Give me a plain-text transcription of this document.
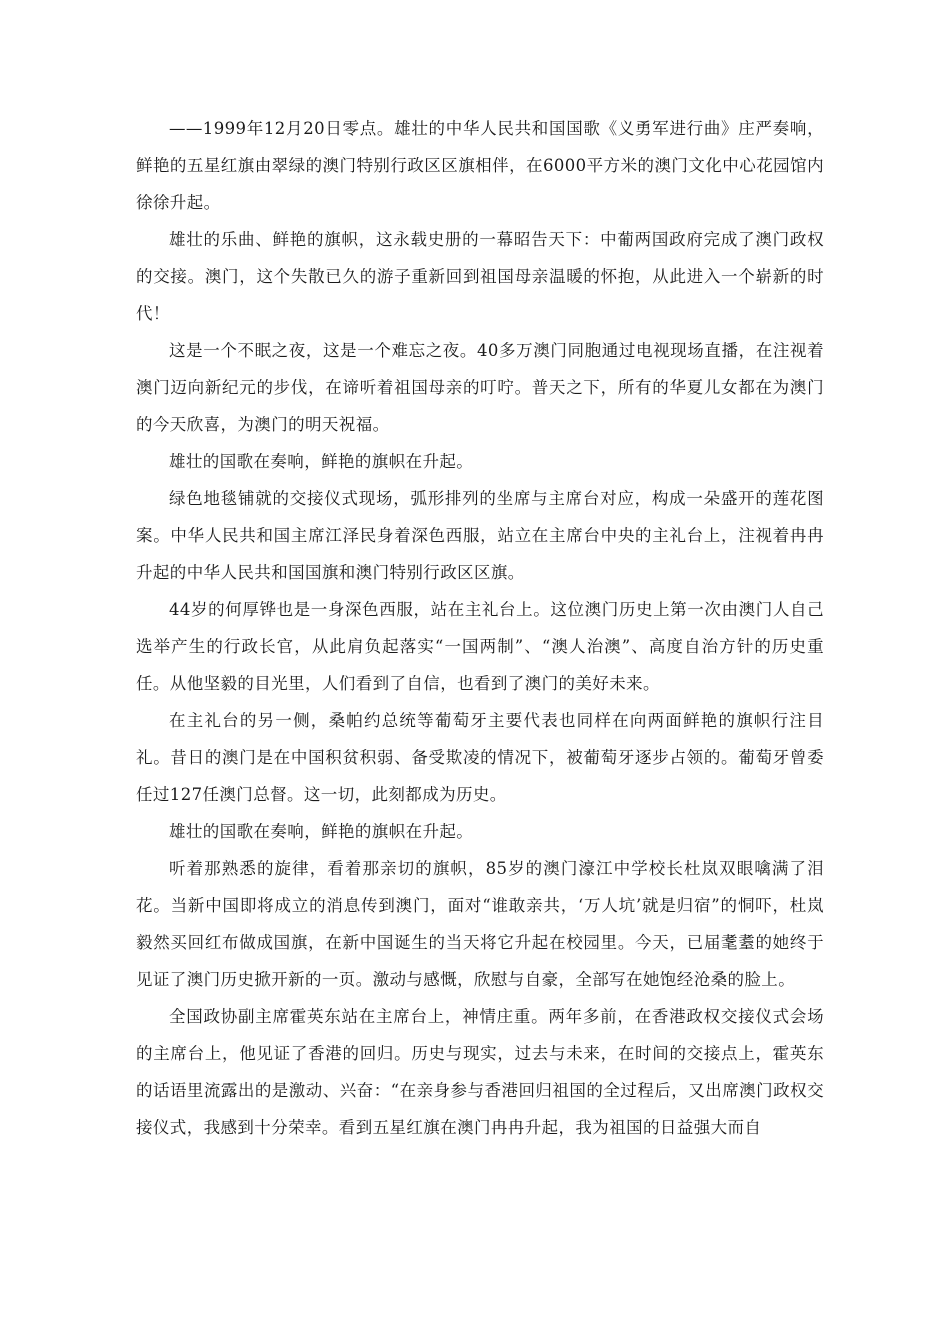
——1999年12月20日零点。雄壮的中华人民共和国国歌《义勇军进行曲》庄严奏响，鲜艳的五星红旗由翠绿的澳门特别行政区区旗相伴，在6000平方米的澳门文化中心花园馆内徐徐升起。

雄壮的乐曲、鲜艳的旗帜，这永载史册的一幕昭告天下：中葡两国政府完成了澳门政权的交接。澳门，这个失散已久的游子重新回到祖国母亲温暖的怀抱，从此进入一个崭新的时代！

这是一个不眠之夜，这是一个难忘之夜。40多万澳门同胞通过电视现场直播，在注视着澳门迈向新纪元的步伐，在谛听着祖国母亲的叮咛。普天之下，所有的华夏儿女都在为澳门的今天欣喜，为澳门的明天祝福。

雄壮的国歌在奏响，鲜艳的旗帜在升起。

绿色地毯铺就的交接仪式现场，弧形排列的坐席与主席台对应，构成一朵盛开的莲花图案。中华人民共和国主席江泽民身着深色西服，站立在主席台中央的主礼台上，注视着冉冉升起的中华人民共和国国旗和澳门特别行政区区旗。

44岁的何厚铧也是一身深色西服，站在主礼台上。这位澳门历史上第一次由澳门人自己选举产生的行政长官，从此肩负起落实“一国两制”、“澳人治澳”、高度自治方针的历史重任。从他坚毅的目光里，人们看到了自信，也看到了澳门的美好未来。

在主礼台的另一侧，桑帕约总统等葡萄牙主要代表也同样在向两面鲜艳的旗帜行注目礼。昔日的澳门是在中国积贫积弱、备受欺凌的情况下，被葡萄牙逐步占领的。葡萄牙曾委任过127任澳门总督。这一切，此刻都成为历史。

雄壮的国歌在奏响，鲜艳的旗帜在升起。

听着那熟悉的旋律，看着那亲切的旗帜，85岁的澳门濠江中学校长杜岚双眼噙满了泪花。当新中国即将成立的消息传到澳门，面对“谁敢亲共，‘万人坑’就是归宿”的恫吓，杜岚毅然买回红布做成国旗，在新中国诞生的当天将它升起在校园里。今天，已届耄耋的她终于见证了澳门历史掀开新的一页。激动与感慨，欣慰与自豪，全部写在她饱经沧桑的脸上。

全国政协副主席霍英东站在主席台上，神情庄重。两年多前，在香港政权交接仪式会场的主席台上，他见证了香港的回归。历史与现实，过去与未来，在时间的交接点上，霍英东的话语里流露出的是激动、兴奋：“在亲身参与香港回归祖国的全过程后，又出席澳门政权交接仪式，我感到十分荣幸。看到五星红旗在澳门冉冉升起，我为祖国的日益强大而自
